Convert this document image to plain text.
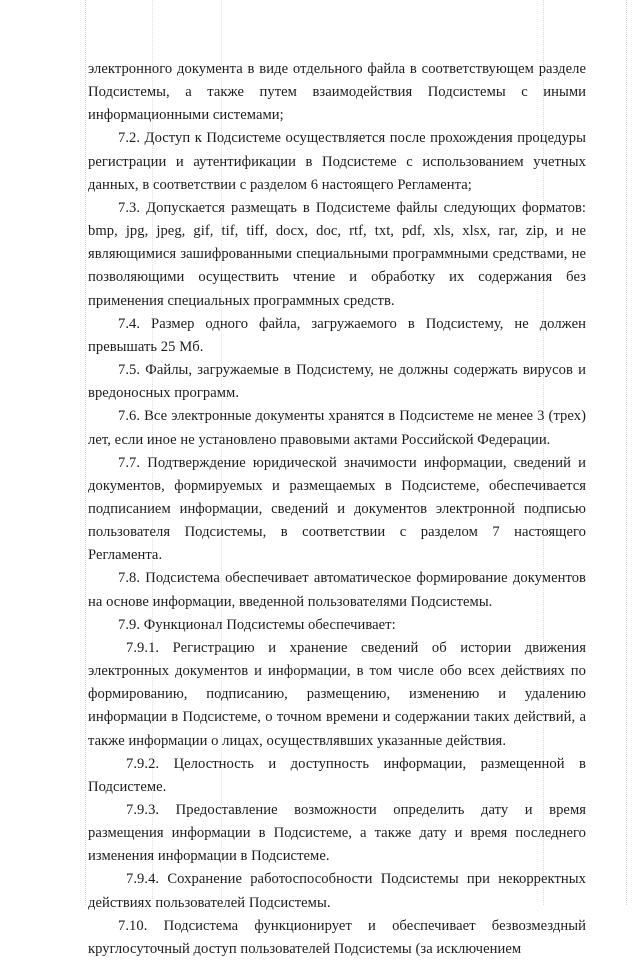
электронного документа в виде отдельного файла в соответствующем разделе Подсистемы, а также путем взаимодействия Подсистемы с иными информационными системами;

7.2. Доступ к Подсистеме осуществляется после прохождения процедуры регистрации и аутентификации в Подсистеме с использованием учетных данных, в соответствии с разделом 6 настоящего Регламента;

7.3. Допускается размещать в Подсистеме файлы следующих форматов: bmp, jpg, jpeg, gif, tif, tiff, docx, doc, rtf, txt, pdf, xls, xlsx, rar, zip, и не являющимися зашифрованными специальными программными средствами, не позволяющими осуществить чтение и обработку их содержания без применения специальных программных средств.

7.4. Размер одного файла, загружаемого в Подсистему, не должен превышать 25 Мб.

7.5. Файлы, загружаемые в Подсистему, не должны содержать вирусов и вредоносных программ.

7.6. Все электронные документы хранятся в Подсистеме не менее 3 (трех) лет, если иное не установлено правовыми актами Российской Федерации.

7.7. Подтверждение юридической значимости информации, сведений и документов, формируемых и размещаемых в Подсистеме, обеспечивается подписанием информации, сведений и документов электронной подписью пользователя Подсистемы, в соответствии с разделом 7 настоящего Регламента.

7.8. Подсистема обеспечивает автоматическое формирование документов на основе информации, введенной пользователями Подсистемы.

7.9. Функционал Подсистемы обеспечивает:

7.9.1. Регистрацию и хранение сведений об истории движения электронных документов и информации, в том числе обо всех действиях по формированию, подписанию, размещению, изменению и удалению информации в Подсистеме, о точном времени и содержании таких действий, а также информации о лицах, осуществлявших указанные действия.

7.9.2. Целостность и доступность информации, размещенной в Подсистеме.

7.9.3. Предоставление возможности определить дату и время размещения информации в Подсистеме, а также дату и время последнего изменения информации в Подсистеме.

7.9.4. Сохранение работоспособности Подсистемы при некорректных действиях пользователей Подсистемы.

7.10. Подсистема функционирует и обеспечивает безвозмездный круглосуточный доступ пользователей Подсистемы (за исключением
